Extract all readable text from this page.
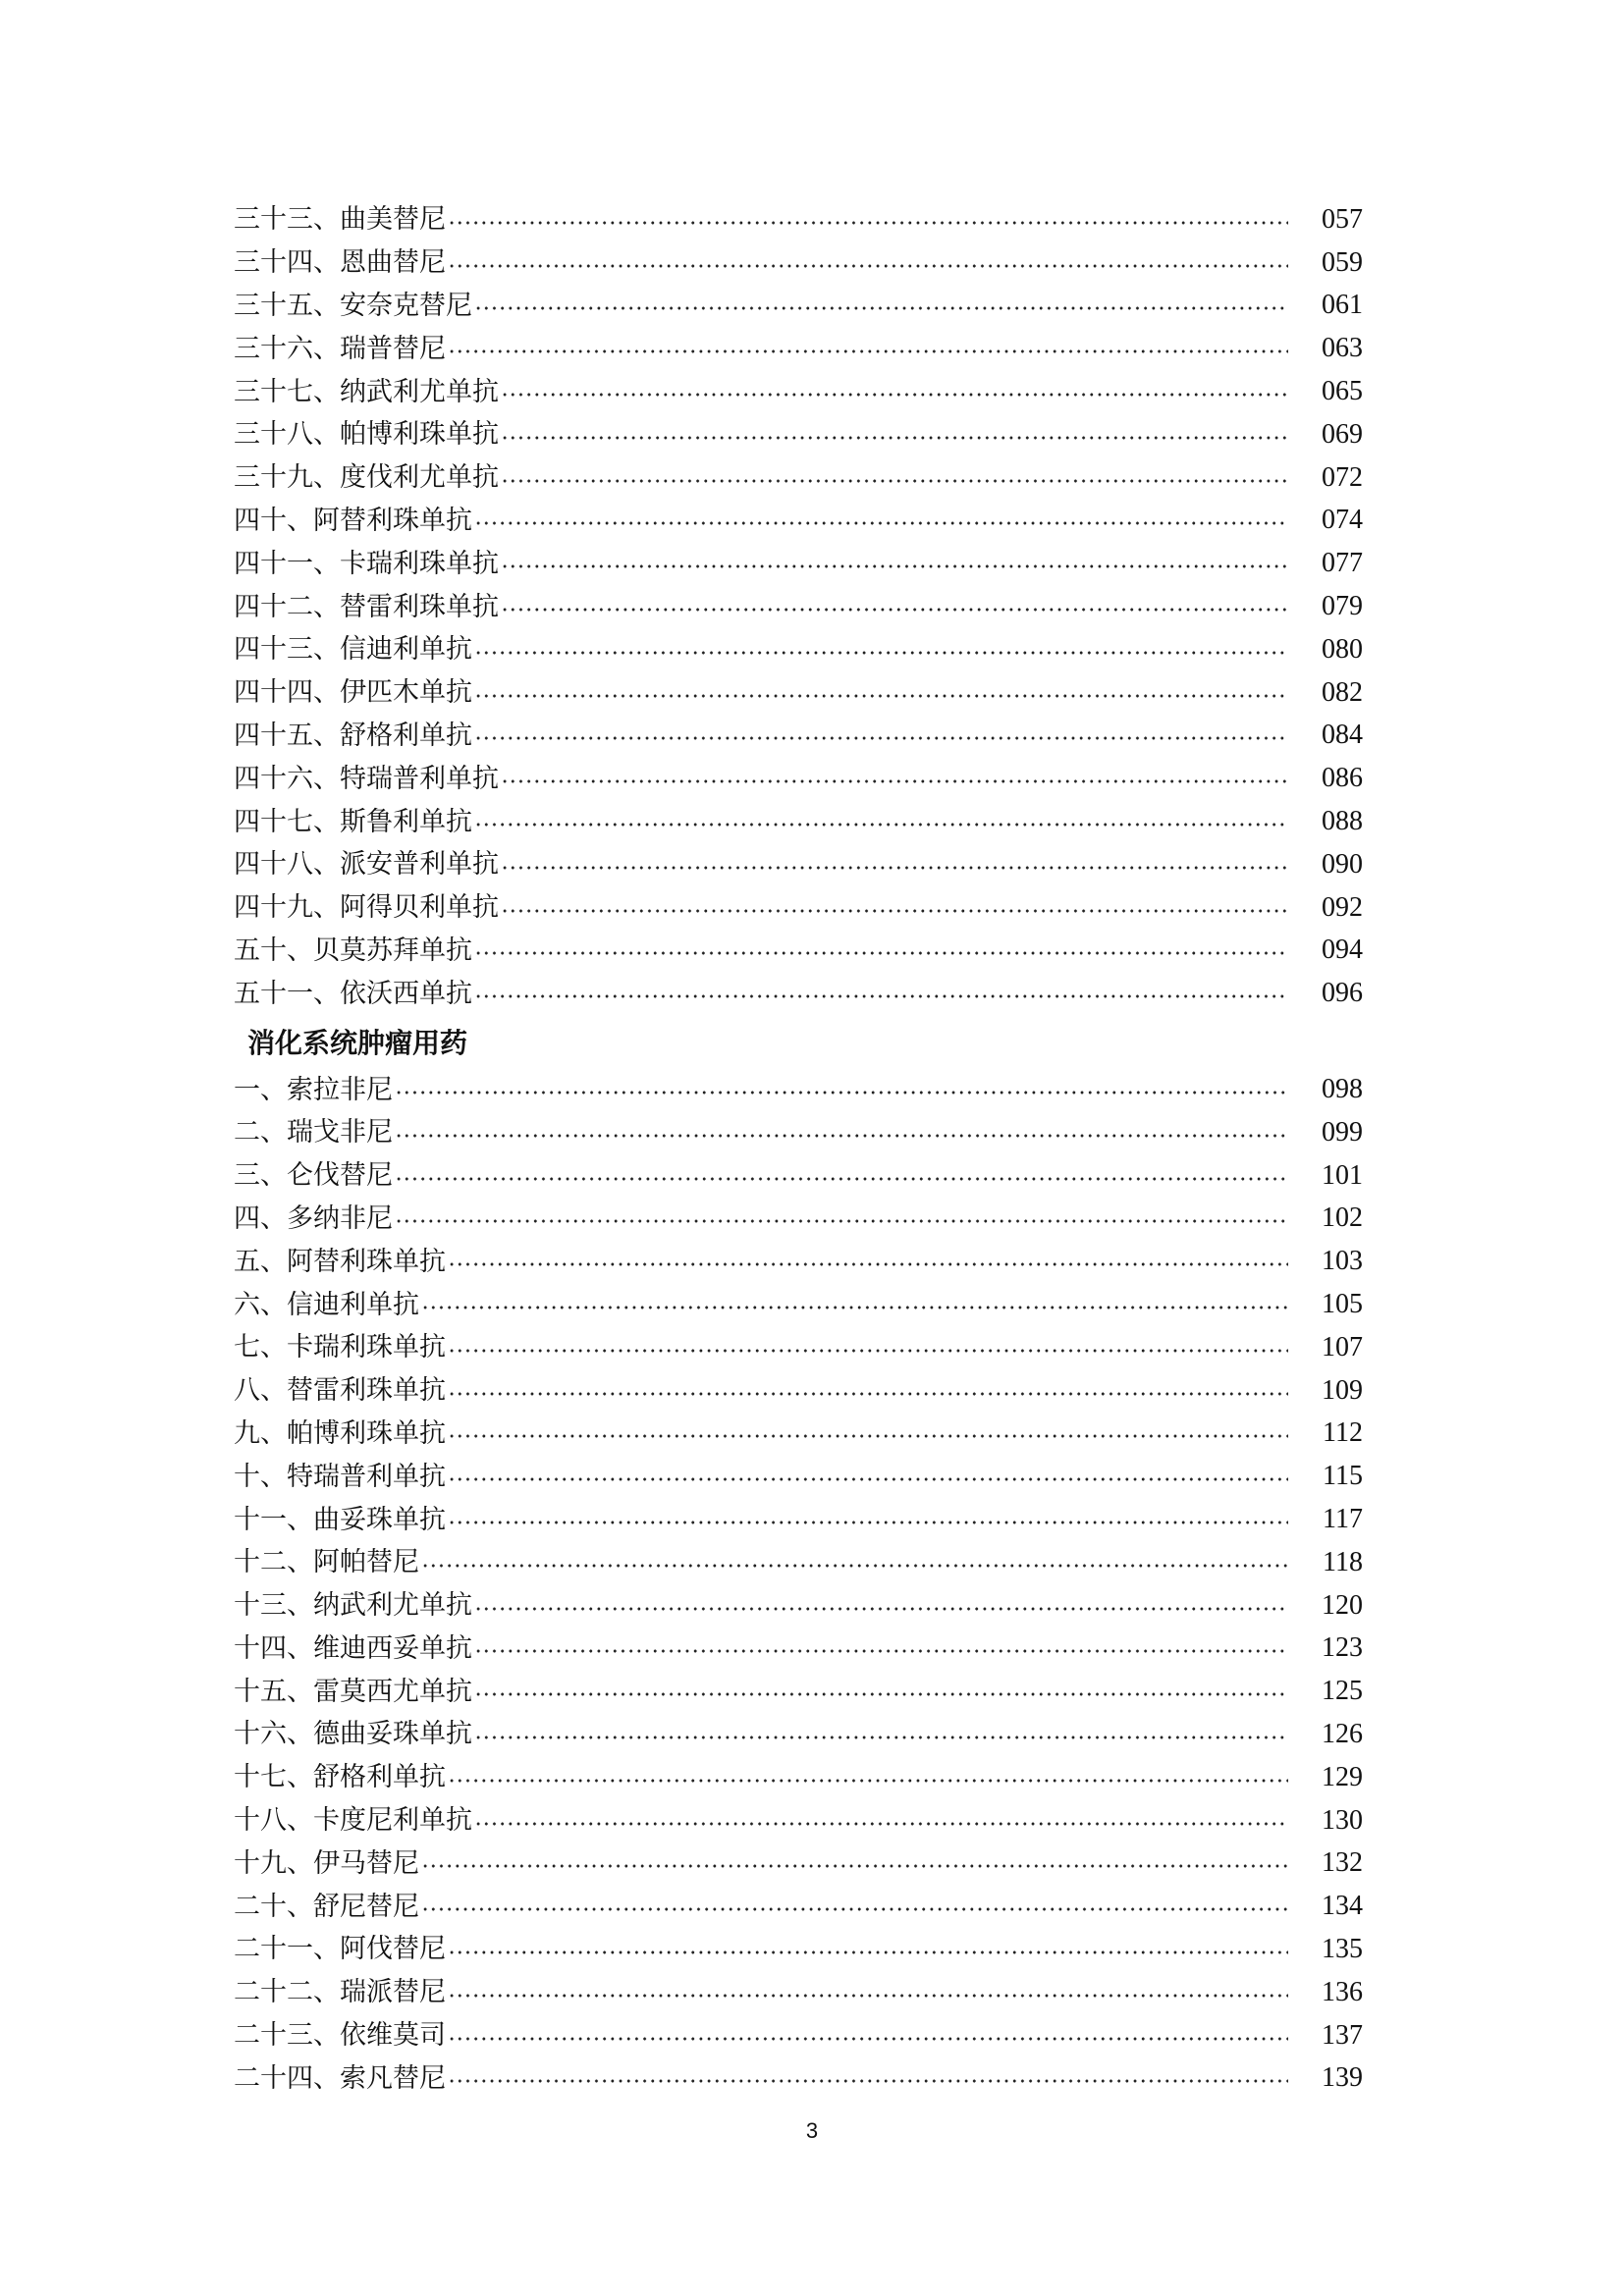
三十三、曲美替尼	057
三十四、恩曲替尼	059
三十五、安奈克替尼	061
三十六、瑞普替尼	063
三十七、纳武利尤单抗	065
三十八、帕博利珠单抗	069
三十九、度伐利尤单抗	072
四十、阿替利珠单抗	074
四十一、卡瑞利珠单抗	077
四十二、替雷利珠单抗	079
四十三、信迪利单抗	080
四十四、伊匹木单抗	082
四十五、舒格利单抗	084
四十六、特瑞普利单抗	086
四十七、斯鲁利单抗	088
四十八、派安普利单抗	090
四十九、阿得贝利单抗	092
五十、贝莫苏拜单抗	094
五十一、依沃西单抗	096
消化系统肿瘤用药
一、索拉非尼	098
二、瑞戈非尼	099
三、仑伐替尼	101
四、多纳非尼	102
五、阿替利珠单抗	103
六、信迪利单抗	105
七、卡瑞利珠单抗	107
八、替雷利珠单抗	109
九、帕博利珠单抗	112
十、特瑞普利单抗	115
十一、曲妥珠单抗	117
十二、阿帕替尼	118
十三、纳武利尤单抗	120
十四、维迪西妥单抗	123
十五、雷莫西尤单抗	125
十六、德曲妥珠单抗	126
十七、舒格利单抗	129
十八、卡度尼利单抗	130
十九、伊马替尼	132
二十、舒尼替尼	134
二十一、阿伐替尼	135
二十二、瑞派替尼	136
二十三、依维莫司	137
二十四、索凡替尼	139
3
